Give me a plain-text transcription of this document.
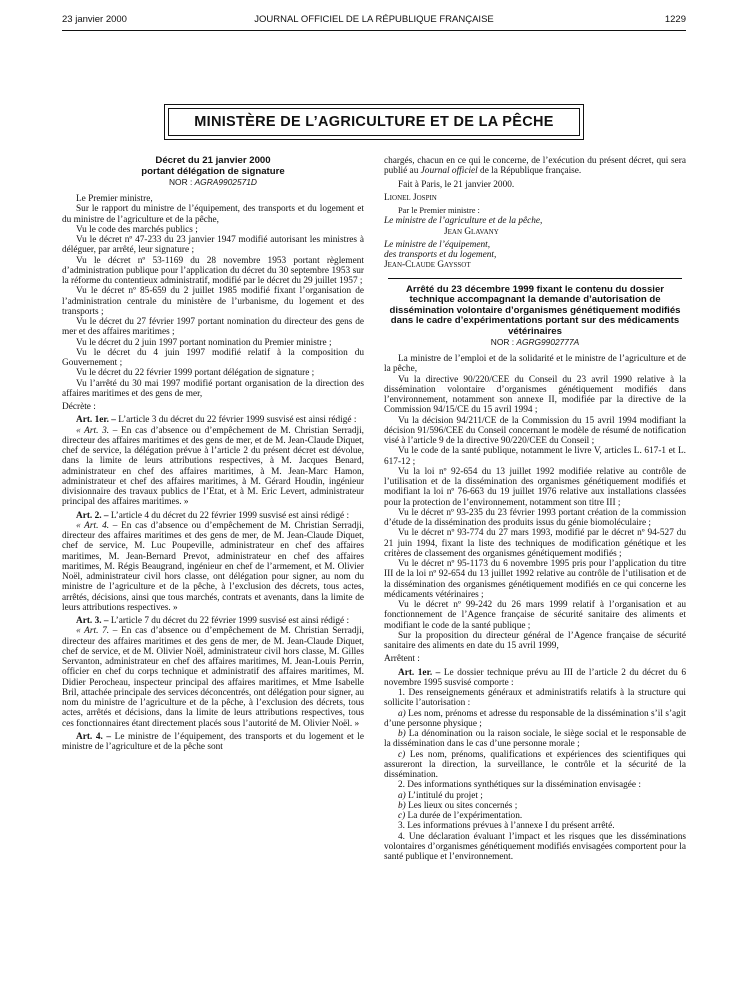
23 janvier 2000	JOURNAL OFFICIEL DE LA RÉPUBLIQUE FRANÇAISE	1229
MINISTÈRE DE L’AGRICULTURE ET DE LA PÊCHE
Décret du 21 janvier 2000
portant délégation de signature
NOR : AGRA9902571D

Le Premier ministre,

Sur le rapport du ministre de l’équipement, des transports et du logement et du ministre de l’agriculture et de la pêche,

Vu le code des marchés publics ;

Vu le décret nº 47-233 du 23 janvier 1947 modifié autorisant les ministres à déléguer, par arrêté, leur signature ;

Vu le décret nº 53-1169 du 28 novembre 1953 portant règlement d’administration publique pour l’application du décret du 30 septembre 1953 sur la réforme du contentieux administratif, modifié par le décret du 29 juillet 1957 ;

Vu le décret nº 85-659 du 2 juillet 1985 modifié fixant l’organisation de l’administration centrale du ministère de l’urbanisme, du logement et des transports ;

Vu le décret du 27 février 1997 portant nomination du directeur des gens de mer et des affaires maritimes ;

Vu le décret du 2 juin 1997 portant nomination du Premier ministre ;

Vu le décret du 4 juin 1997 modifié relatif à la composition du Gouvernement ;

Vu le décret du 22 février 1999 portant délégation de signature ;

Vu l’arrêté du 30 mai 1997 modifié portant organisation de la direction des affaires maritimes et des gens de mer,

Décrète :

Art. 1er. – L’article 3 du décret du 22 février 1999 susvisé est ainsi rédigé :

« Art. 3. – En cas d’absence ou d’empêchement de M. Christian Serradji, directeur des affaires maritimes et des gens de mer, et de M. Jean-Claude Diquet, chef de service, la délégation prévue à l’article 2 du présent décret est dévolue, dans la limite de leurs attributions respectives, à M. Jacques Benard, administrateur en chef des affaires maritimes, à M. Jean-Marc Hamon, administrateur et chef des affaires maritimes, à M. Gérard Houdin, ingénieur divisionnaire des travaux publics de l’Etat, et à M. Eric Levert, administrateur principal des affaires maritimes. »

Art. 2. – L’article 4 du décret du 22 février 1999 susvisé est ainsi rédigé :

« Art. 4. – En cas d’absence ou d’empêchement de M. Christian Serradji, directeur des affaires maritimes et des gens de mer, de M. Jean-Claude Diquet, chef de service, M. Luc Poupeville, administrateur en chef des affaires maritimes, M. Jean-Bernard Prevot, administrateur en chef des affaires maritimes, M. Régis Beaugrand, ingénieur en chef de l’armement, et M. Olivier Noël, administrateur civil hors classe, ont délégation pour signer, au nom du ministre de l’agriculture et de la pêche, à l’exclusion des décrets, tous actes, arrêtés, décisions, ainsi que tous marchés, contrats et avenants, dans la limite de leurs attributions respectives. »

Art. 3. – L’article 7 du décret du 22 février 1999 susvisé est ainsi rédigé :

« Art. 7. – En cas d’absence ou d’empêchement de M. Christian Serradji, directeur des affaires maritimes et des gens de mer, de M. Jean-Claude Diquet, chef de service, et de M. Olivier Noël, administrateur civil hors classe, M. Gilles Servanton, administrateur en chef des affaires maritimes, M. Jean-Louis Perrin, officier en chef du corps technique et administratif des affaires maritimes, M. Didier Perocheau, inspecteur principal des affaires maritimes, et Mme Isabelle Bril, attachée principale des services déconcentrés, ont délégation pour signer, au nom du ministre de l’agriculture et de la pêche, à l’exclusion des décrets, tous actes, arrêtés et décisions, dans la limite de leurs attributions respectives, tous ces fonctionnaires étant directement placés sous l’autorité de M. Olivier Noël. »

Art. 4. – Le ministre de l’équipement, des transports et du logement et le ministre de l’agriculture et de la pêche sont

chargés, chacun en ce qui le concerne, de l’exécution du présent décret, qui sera publié au Journal officiel de la République française.

Fait à Paris, le 21 janvier 2000.

Lionel Jospin

Par le Premier ministre :

Le ministre de l’agriculture et de la pêche,

Jean Glavany

Le ministre de l’équipement,

des transports et du logement,

Jean-Claude Gayssot

Arrêté du 23 décembre 1999 fixant le contenu du dossier technique accompagnant la demande d’autorisation de dissémination volontaire d’organismes génétiquement modifiés dans le cadre d’expérimentations portant sur des médicaments vétérinaires
NOR : AGRG9902777A

La ministre de l’emploi et de la solidarité et le ministre de l’agriculture et de la pêche,

Vu la directive 90/220/CEE du Conseil du 23 avril 1990 relative à la dissémination volontaire d’organismes génétiquement modifiés dans l’environnement, notamment son annexe II, modifiée par la directive de la Commission 94/15/CE du 15 avril 1994 ;

Vu la décision 94/211/CE de la Commission du 15 avril 1994 modifiant la décision 91/596/CEE du Conseil concernant le modèle de résumé de notification visé à l’article 9 de la directive 90/220/CEE du Conseil ;

Vu le code de la santé publique, notamment le livre V, articles L. 617-1 et L. 617-12 ;

Vu la loi nº 92-654 du 13 juillet 1992 modifiée relative au contrôle de l’utilisation et de la dissémination des organismes génétiquement modifiés et modifiant la loi nº 76-663 du 19 juillet 1976 relative aux installations classées pour la protection de l’environnement, notamment son titre III ;

Vu le décret nº 93-235 du 23 février 1993 portant création de la commission d’étude de la dissémination des produits issus du génie biomoléculaire ;

Vu le décret nº 93-774 du 27 mars 1993, modifié par le décret nº 94-527 du 21 juin 1994, fixant la liste des techniques de modification génétique et les critères de classement des organismes génétiquement modifiés ;

Vu le décret nº 95-1173 du 6 novembre 1995 pris pour l’application du titre III de la loi nº 92-654 du 13 juillet 1992 relative au contrôle de l’utilisation et de la dissémination des organismes génétiquement modifiés en ce qui concerne les médicaments vétérinaires ;

Vu le décret nº 99-242 du 26 mars 1999 relatif à l’organisation et au fonctionnement de l’Agence française de sécurité sanitaire des aliments et modifiant le code de la santé publique ;

Sur la proposition du directeur général de l’Agence française de sécurité sanitaire des aliments en date du 15 avril 1999,

Arrêtent :

Art. 1er. – Le dossier technique prévu au III de l’article 2 du décret du 6 novembre 1995 susvisé comporte :

1. Des renseignements généraux et administratifs relatifs à la structure qui sollicite l’autorisation :

a) Les nom, prénoms et adresse du responsable de la dissémination s’il s’agit d’une personne physique ;

b) La dénomination ou la raison sociale, le siège social et le responsable de la dissémination dans le cas d’une personne morale ;

c) Les nom, prénoms, qualifications et expériences des scientifiques qui assureront la direction, la surveillance, le contrôle et la sécurité de la dissémination.

2. Des informations synthétiques sur la dissémination envisagée :

a) L’intitulé du projet ;

b) Les lieux ou sites concernés ;

c) La durée de l’expérimentation.

3. Les informations prévues à l’annexe I du présent arrêté.

4. Une déclaration évaluant l’impact et les risques que les disséminations volontaires d’organismes génétiquement modifiés envisagées comportent pour la santé publique et l’environnement.
